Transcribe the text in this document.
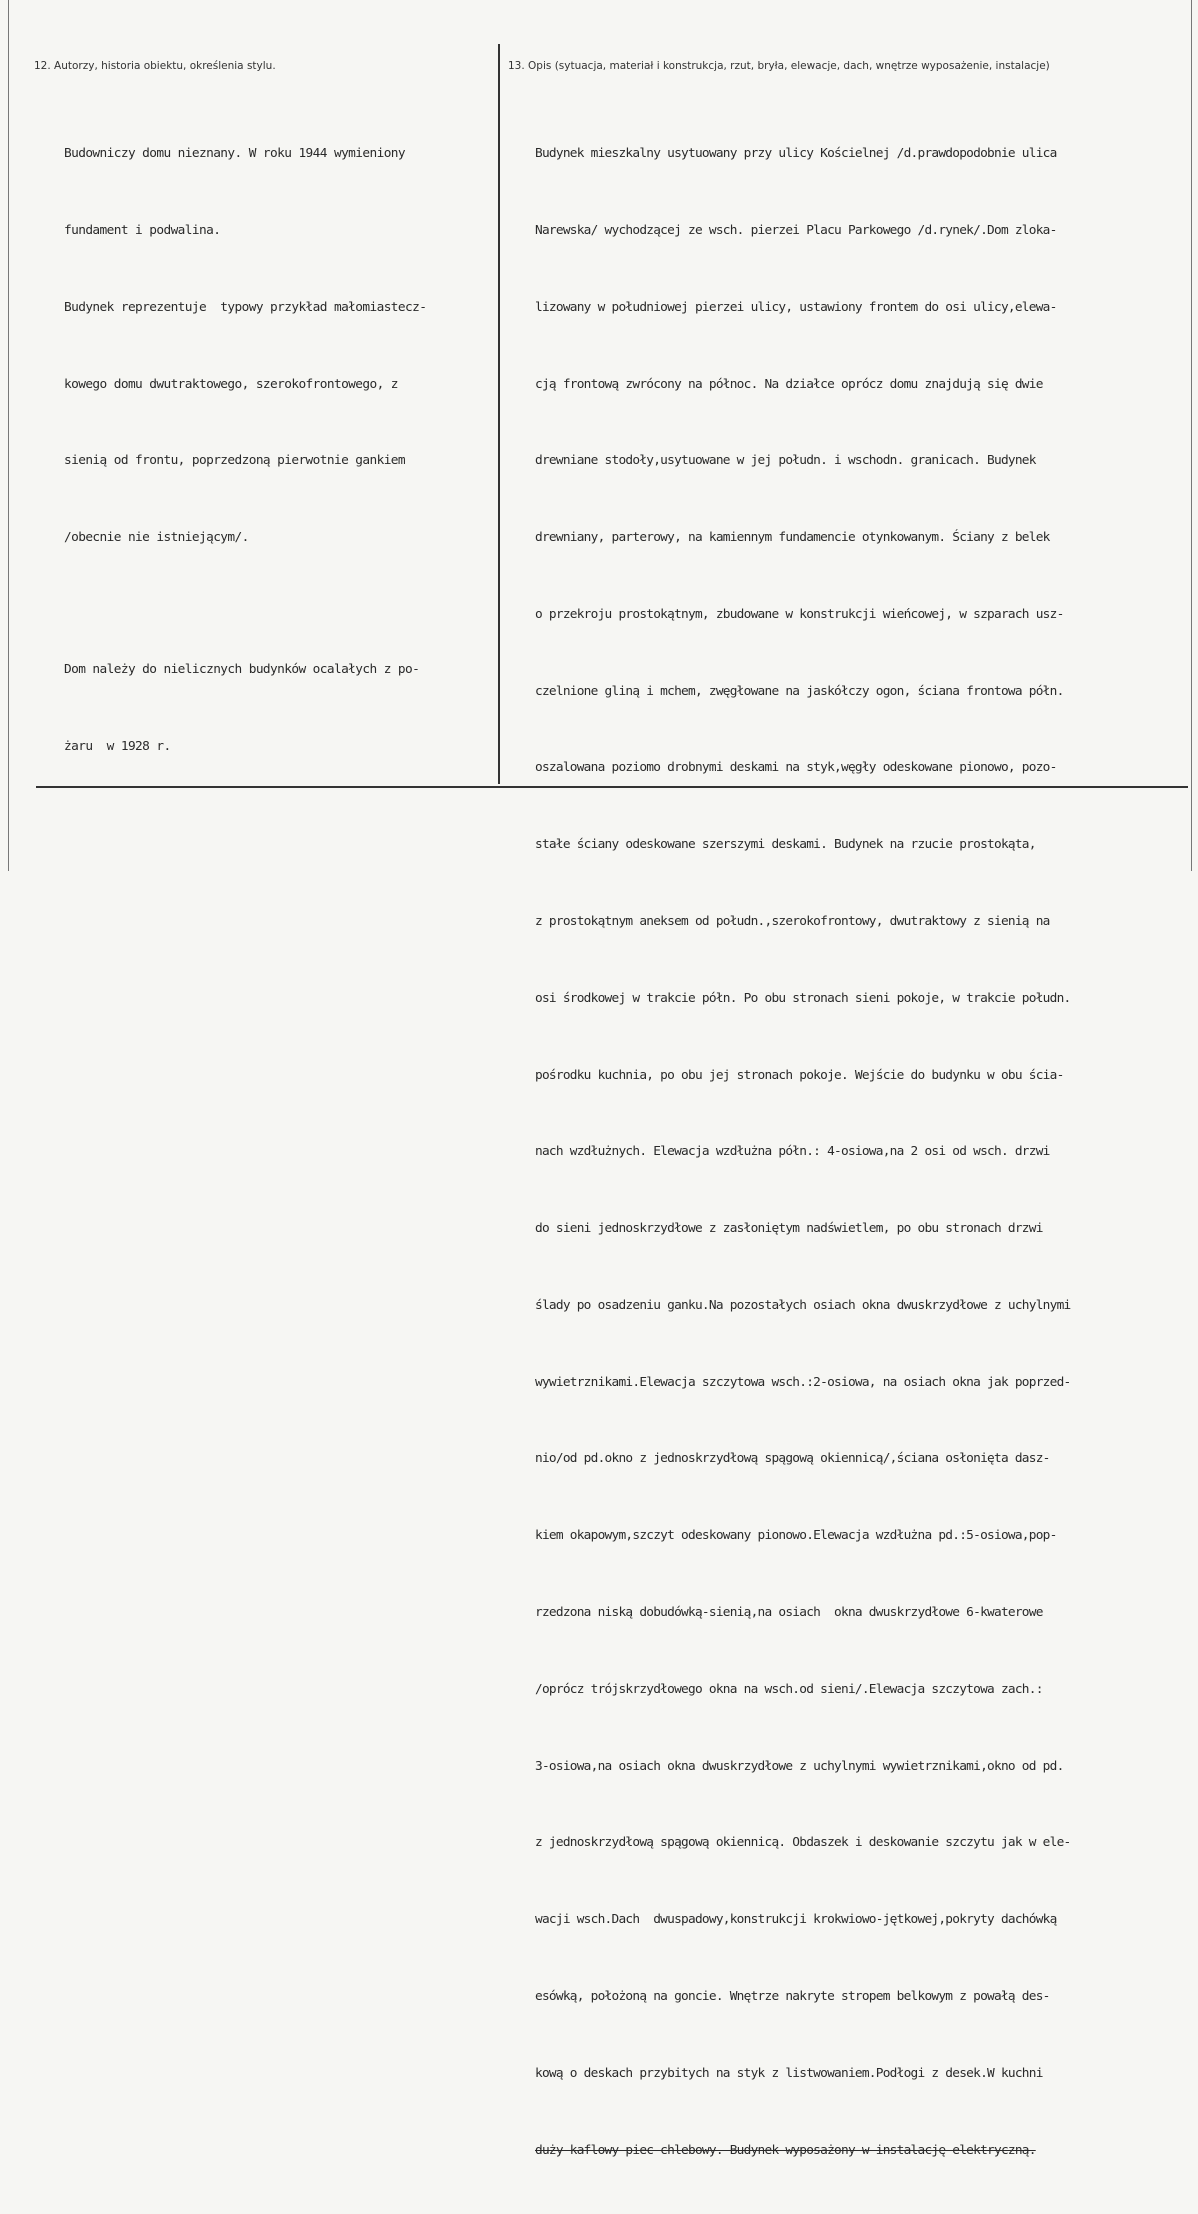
12. Autorzy, historia obiektu, określenia stylu.	13. Opis (sytuacja, materiał i konstrukcja, rzut, bryła, elewacje, dach, wnętrze wyposażenie, instalacje)

Budowniczy domu nieznany. W roku 1944 wymieniony

fundament i podwalina.

Budynek reprezentuje  typowy przykład małomiastecz-

kowego domu dwutraktowego, szerokofrontowego, z

sienią od frontu, poprzedzoną pierwotnie gankiem

/obecnie nie istniejącym/.

Dom należy do nielicznych budynków ocalałych z po-

żaru  w 1928 r.

Budynek mieszkalny usytuowany przy ulicy Kościelnej /d.prawdopodobnie ulica

Narewska/ wychodzącej ze wsch. pierzei Placu Parkowego /d.rynek/.Dom zloka-

lizowany w południowej pierzei ulicy, ustawiony frontem do osi ulicy,elewa-

cją frontową zwrócony na północ. Na działce oprócz domu znajdują się dwie

drewniane stodoły,usytuowane w jej połudn. i wschodn. granicach. Budynek

drewniany, parterowy, na kamiennym fundamencie otynkowanym. Ściany z belek

o przekroju prostokątnym, zbudowane w konstrukcji wieńcowej, w szparach usz-

czelnione gliną i mchem, zwęgłowane na jaskółczy ogon, ściana frontowa półn.

oszalowana poziomo drobnymi deskami na styk,węgły odeskowane pionowo, pozo-

stałe ściany odeskowane szerszymi deskami. Budynek na rzucie prostokąta,

z prostokątnym aneksem od połudn.,szerokofrontowy, dwutraktowy z sienią na

osi środkowej w trakcie półn. Po obu stronach sieni pokoje, w trakcie połudn.

pośrodku kuchnia, po obu jej stronach pokoje. Wejście do budynku w obu ścia-

nach wzdłużnych. Elewacja wzdłużna półn.: 4-osiowa,na 2 osi od wsch. drzwi

do sieni jednoskrzydłowe z zasłoniętym nadświetlem, po obu stronach drzwi

ślady po osadzeniu ganku.Na pozostałych osiach okna dwuskrzydłowe z uchylnymi

wywietrznikami.Elewacja szczytowa wsch.:2-osiowa, na osiach okna jak poprzed-

nio/od pd.okno z jednoskrzydłową spągową okiennicą/,ściana osłonięta dasz-

kiem okapowym,szczyt odeskowany pionowo.Elewacja wzdłużna pd.:5-osiowa,pop-

rzedzona niską dobudówką-sienią,na osiach  okna dwuskrzydłowe 6-kwaterowe

/oprócz trójskrzydłowego okna na wsch.od sieni/.Elewacja szczytowa zach.:

3-osiowa,na osiach okna dwuskrzydłowe z uchylnymi wywietrznikami,okno od pd.

z jednoskrzydłową spągową okiennicą. Obdaszek i deskowanie szczytu jak w ele-

wacji wsch.Dach  dwuspadowy,konstrukcji krokwiowo-jętkowej,pokryty dachówką

esówką, położoną na goncie. Wnętrze nakryte stropem belkowym z powałą des-

kową o deskach przybitych na styk z listwowaniem.Podłogi z desek.W kuchni

duży kaflowy piec chlebowy. Budynek wyposażony w instalację elektryczną.
